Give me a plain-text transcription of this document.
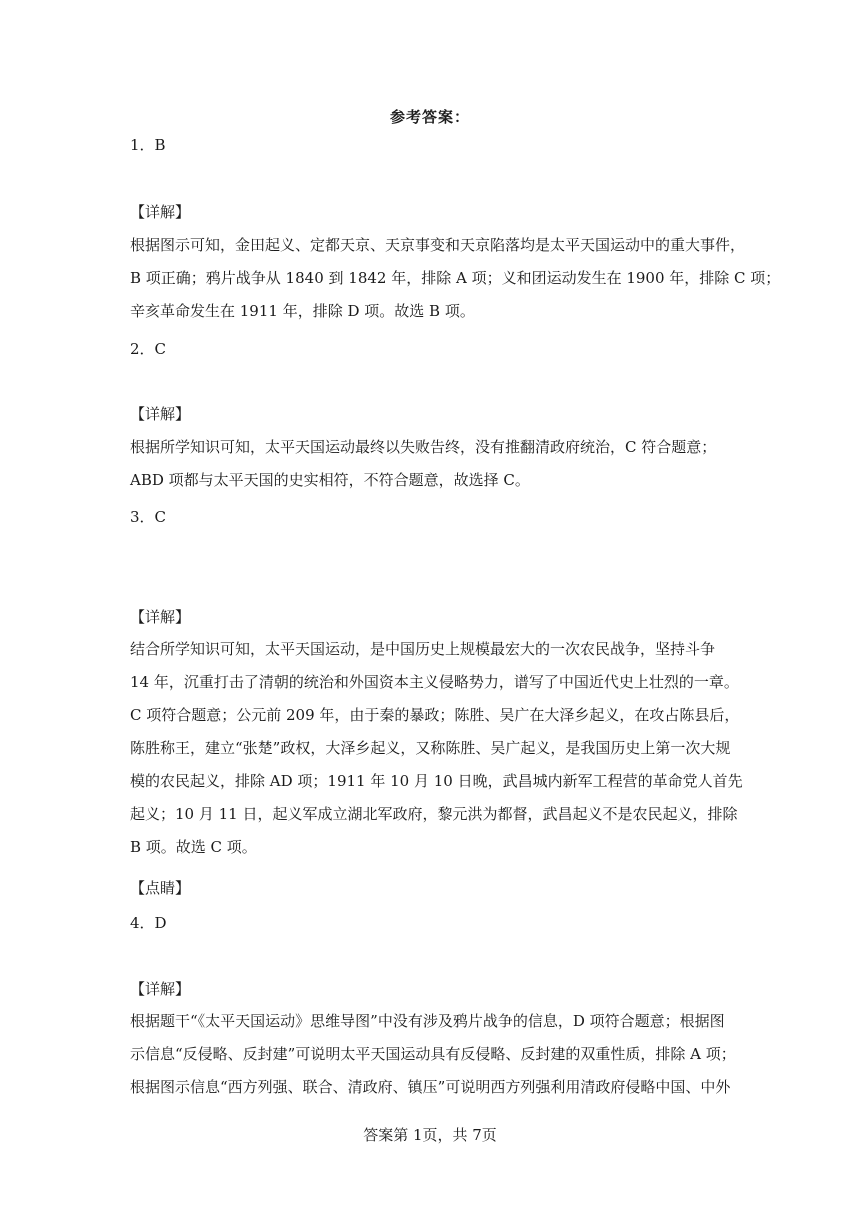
参考答案：
1．B
【详解】
根据图示可知，金田起义、定都天京、天京事变和天京陷落均是太平天国运动中的重大事件，
B 项正确；鸦片战争从 1840 到 1842 年，排除 A 项；义和团运动发生在 1900 年，排除 C 项；
辛亥革命发生在 1911 年，排除 D 项。故选 B 项。
2．C
【详解】
根据所学知识可知，太平天国运动最终以失败告终，没有推翻清政府统治，C 符合题意；
ABD 项都与太平天国的史实相符，不符合题意，故选择 C。
3．C
【详解】
结合所学知识可知，太平天国运动，是中国历史上规模最宏大的一次农民战争，坚持斗争
14 年，沉重打击了清朝的统治和外国资本主义侵略势力，谱写了中国近代史上壮烈的一章。
C 项符合题意；公元前 209 年，由于秦的暴政；陈胜、吴广在大泽乡起义，在攻占陈县后，
陈胜称王，建立“张楚”政权，大泽乡起义，又称陈胜、吴广起义，是我国历史上第一次大规
模的农民起义，排除 AD 项；1911 年 10 月 10 日晚，武昌城内新军工程营的革命党人首先
起义；10 月 11 日，起义军成立湖北军政府，黎元洪为都督，武昌起义不是农民起义，排除
B 项。故选 C 项。
【点睛】
4．D
【详解】
根据题干“《太平天国运动》思维导图”中没有涉及鸦片战争的信息，D 项符合题意；根据图
示信息“反侵略、反封建”可说明太平天国运动具有反侵略、反封建的双重性质，排除 A 项；
根据图示信息“西方列强、联合、清政府、镇压”可说明西方列强利用清政府侵略中国、中外
答案第 1页，共 7页
